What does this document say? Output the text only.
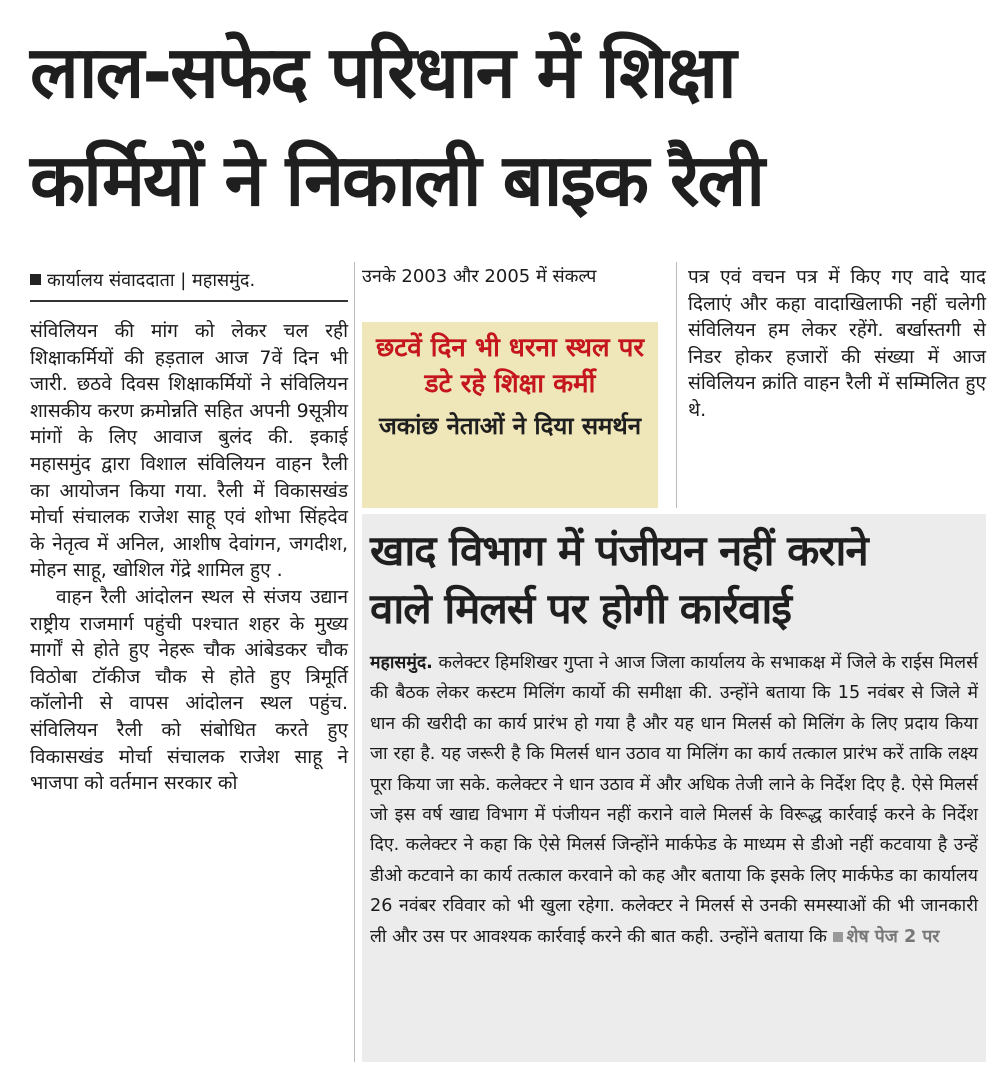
लाल-सफेद परिधान में शिक्षा
कर्मियों ने निकाली बाइक रैली
कार्यालय संवाददाता | महासमुंद.

संविलियन की मांग को लेकर चल रही शिक्षाकर्मियों की हड़ताल आज 7वें दिन भी जारी. छठवे दिवस शिक्षाकर्मियों ने संविलियन शासकीय करण क्रमोन्नति सहित अपनी 9सूत्रीय मांगों के लिए आवाज बुलंद की. इकाई महासमुंद द्वारा विशाल संविलियन वाहन रैली का आयोजन किया गया. रैली में विकासखंड मोर्चा संचालक राजेश साहू एवं शोभा सिंहदेव के नेतृत्व में अनिल, आशीष देवांगन, जगदीश, मोहन साहू, खोशिल गेंद्रे शामिल हुए .

वाहन रैली आंदोलन स्थल से संजय उद्यान राष्ट्रीय राजमार्ग पहुंची पश्चात शहर के मुख्य मार्गों से होते हुए नेहरू चौक आंबेडकर चौक विठोबा टॉकीज चौक से होते हुए त्रिमूर्ति कॉलोनी से वापस आंदोलन स्थल पहुंच. संविलियन रैली को संबोधित करते हुए विकासखंड मोर्चा संचालक राजेश साहू ने भाजपा को वर्तमान सरकार को

उनके 2003 और 2005 में संकल्प
छटवें दिन भी धरना स्थल पर डटे रहे शिक्षा कर्मी
जकांछ नेताओं ने दिया समर्थन
पत्र एवं वचन पत्र में किए गए वादे याद दिलाएं और कहा वादाखिलाफी नहीं चलेगी संविलियन हम लेकर रहेंगे. बर्खास्तगी से निडर होकर हजारों की संख्या में आज संविलियन क्रांति वाहन रैली में सम्मिलित हुए थे.
खाद विभाग में पंजीयन नहीं कराने
वाले मिलर्स पर होगी कार्रवाई
महासमुंद. कलेक्टर हिमशिखर गुप्ता ने आज जिला कार्यालय के सभाकक्ष में जिले के राईस मिलर्स की बैठक लेकर कस्टम मिलिंग कार्यो की समीक्षा की. उन्होंने बताया कि 15 नवंबर से जिले में धान की खरीदी का कार्य प्रारंभ हो गया है और यह धान मिलर्स को मिलिंग के लिए प्रदाय किया जा रहा है. यह जरूरी है कि मिलर्स धान उठाव या मिलिंग का कार्य तत्काल प्रारंभ करें ताकि लक्ष्य पूरा किया जा सके. कलेक्टर ने धान उठाव में और अधिक तेजी लाने के निर्देश दिए है. ऐसे मिलर्स जो इस वर्ष खाद्य विभाग में पंजीयन नहीं कराने वाले मिलर्स के विरूद्ध कार्रवाई करने के निर्देश दिए. कलेक्टर ने कहा कि ऐसे मिलर्स जिन्होंने मार्कफेड के माध्यम से डीओ नहीं कटवाया है उन्हें डीओ कटवाने का कार्य तत्काल करवाने को कह और बताया कि इसके लिए मार्कफेड का कार्यालय 26 नवंबर रविवार को भी खुला रहेगा. कलेक्टर ने मिलर्स से उनकी समस्याओं की भी जानकारी ली और उस पर आवश्यक कार्रवाई करने की बात कही. उन्होंने बताया कि शेष पेज 2 पर
